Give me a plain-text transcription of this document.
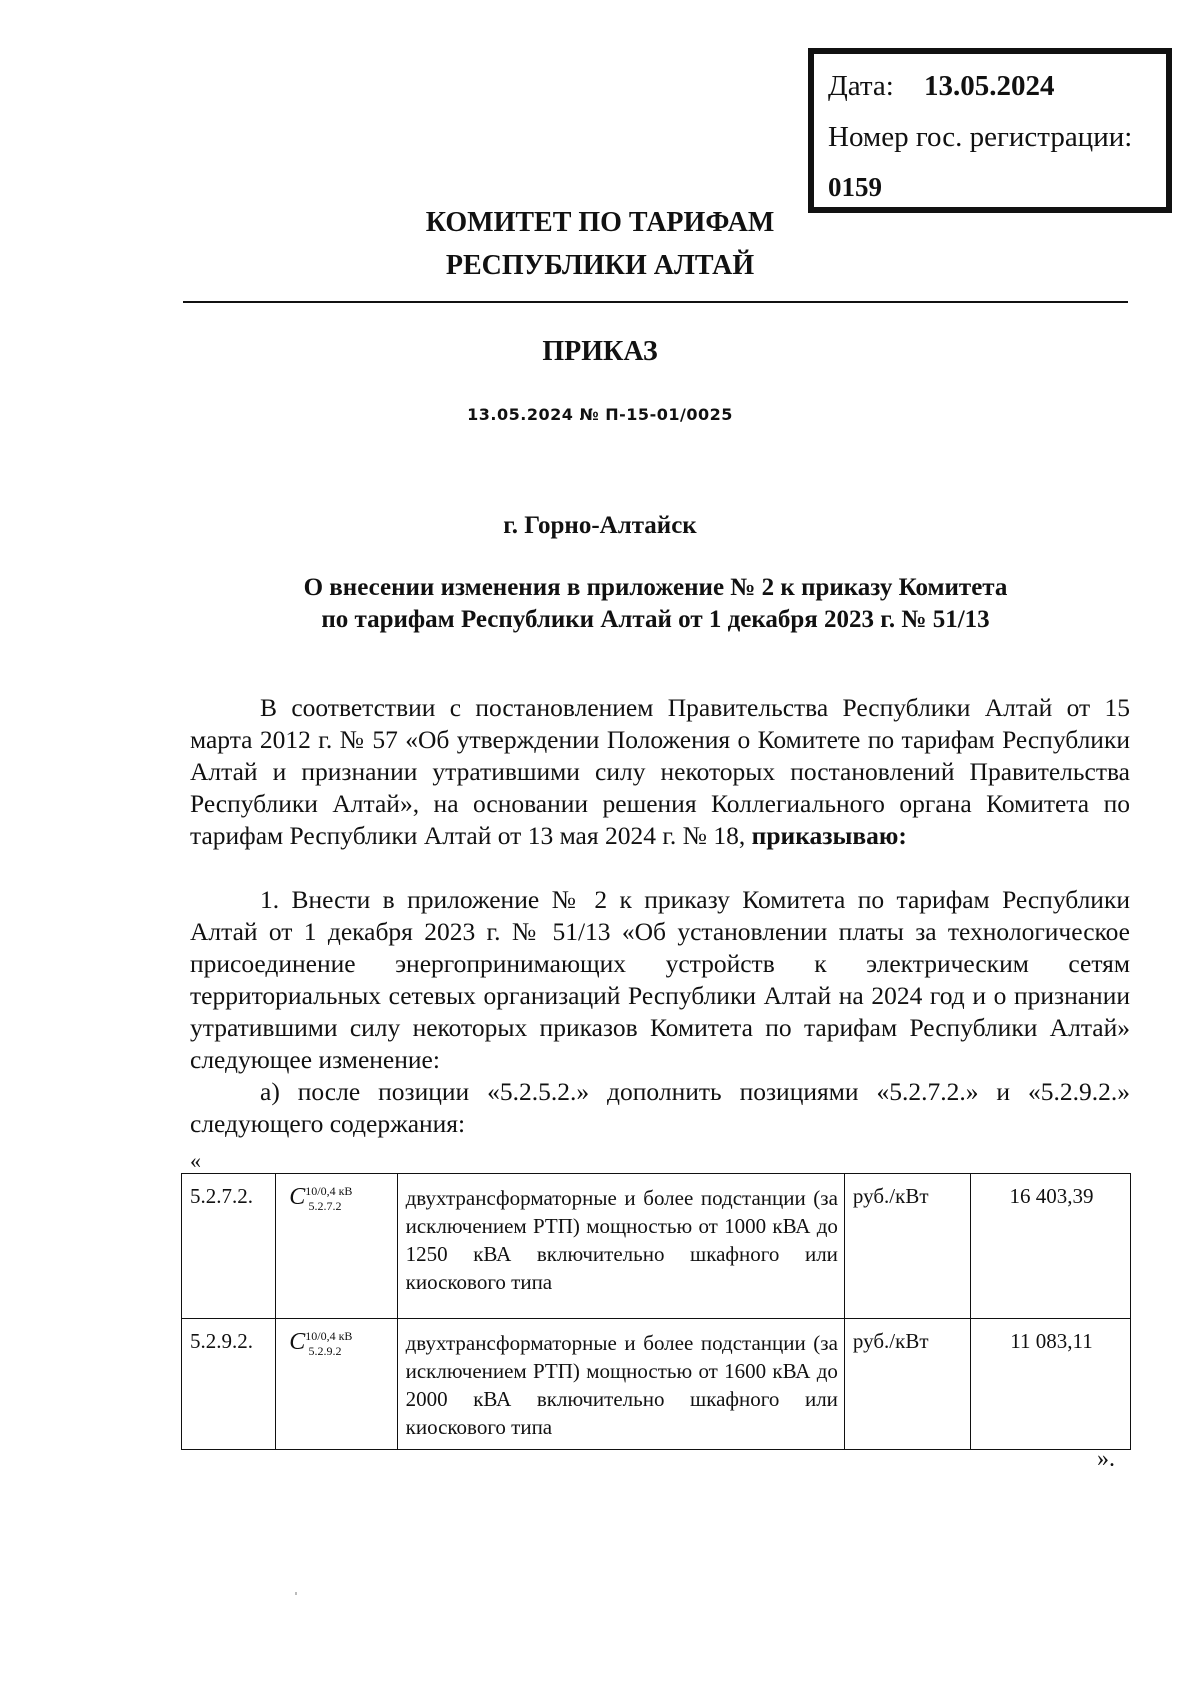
Дата: 13.05.2024
Номер гос. регистрации:
0159
КОМИТЕТ ПО ТАРИФАМ
РЕСПУБЛИКИ АЛТАЙ
ПРИКАЗ
13.05.2024 № П-15-01/0025
г. Горно-Алтайск
О внесении изменения в приложение № 2 к приказу Комитета
по тарифам Республики Алтай от 1 декабря 2023 г. № 51/13
В соответствии с постановлением Правительства Республики Алтай от 15 марта 2012 г. № 57 «Об утверждении Положения о Комитете по тарифам Республики Алтай и признании утратившими силу некоторых постановлений Правительства Республики Алтай», на основании решения Коллегиального органа Комитета по тарифам Республики Алтай от 13 мая 2024 г. № 18, приказываю:
1. Внести в приложение № 2 к приказу Комитета по тарифам Республики Алтай от 1 декабря 2023 г. № 51/13 «Об установлении платы за технологическое присоединение энергопринимающих устройств к электрическим сетям территориальных сетевых организаций Республики Алтай на 2024 год и о признании утратившими силу некоторых приказов Комитета по тарифам Республики Алтай» следующее изменение:
а) после позиции «5.2.5.2.» дополнить позициями «5.2.7.2.» и «5.2.9.2.» следующего содержания:
«
5.2.7.2.	$C^{10/0,4 кВ}_{5.2.7.2}$	двухтрансформаторные и более подстанции (за исключением РТП) мощностью от 1000 кВА до 1250 кВА включительно шкафного или киоскового типа	руб./кВт	16 403,39
5.2.9.2.	$C^{10/0,4 кВ}_{5.2.9.2}$	двухтрансформаторные и более подстанции (за исключением РТП) мощностью от 1600 кВА до 2000 кВА включительно шкафного или киоскового типа	руб./кВт	11 083,11
».
